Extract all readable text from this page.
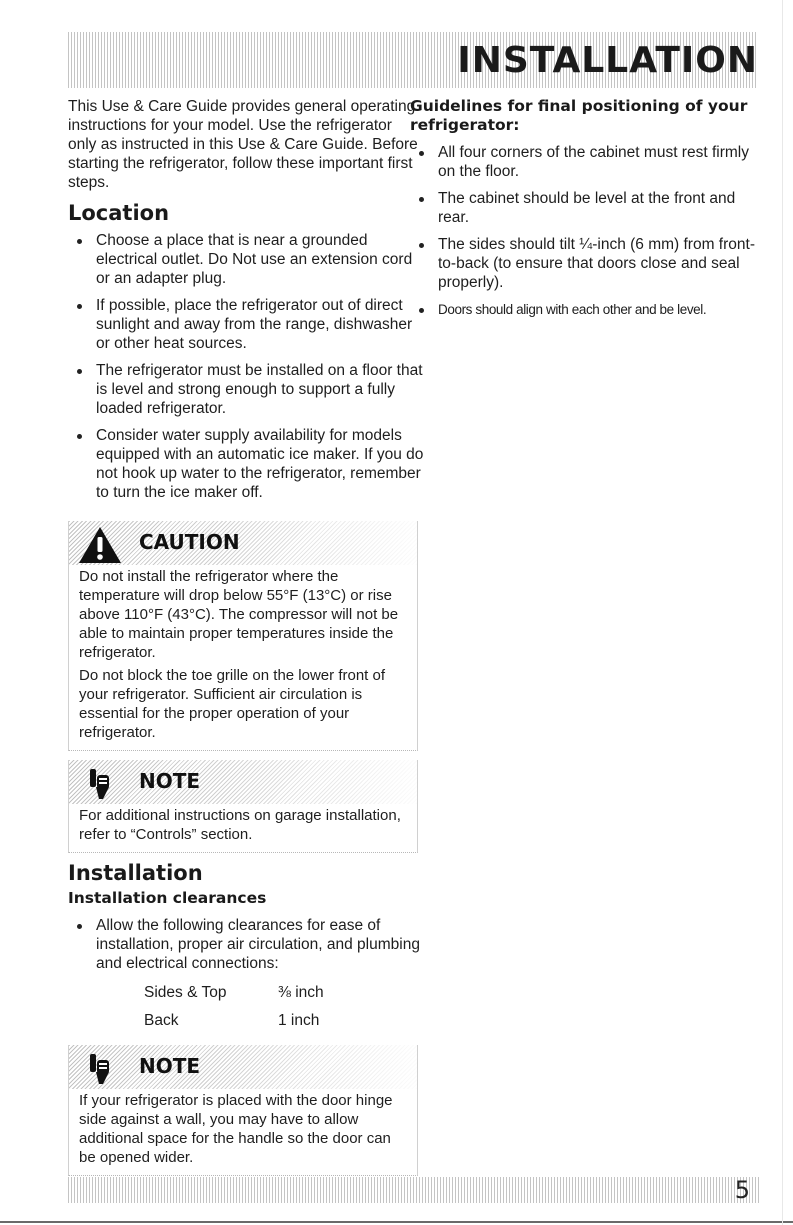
INSTALLATION

This Use & Care Guide provides general operating instructions for your model. Use the refrigerator only as instructed in this Use & Care Guide. Before starting the refrigerator, follow these important first steps.

Location
Choose a place that is near a grounded electrical outlet. Do Not use an extension cord or an adapter plug.
If possible, place the refrigerator out of direct sunlight and away from the range, dishwasher or other heat sources.
The refrigerator must be installed on a floor that is level and strong enough to support a fully loaded refrigerator.
Consider water supply availability for models equipped with an automatic ice maker. If you do not hook up water to the refrigerator, remember to turn the ice maker off.
CAUTION

Do not install the refrigerator where the temperature will drop below 55°F (13°C) or rise above 110°F (43°C). The compressor will not be able to maintain proper temperatures inside the refrigerator.

Do not block the toe grille on the lower front of your refrigerator. Sufficient air circulation is essential for the proper operation of your refrigerator.

NOTE

For additional instructions on garage installation, refer to “Controls” section.

Installation
Installation clearances
Allow the following clearances for ease of installation, proper air circulation, and plumbing and electrical connections:
Sides & Top	⅜ inch
Back	1 inch
NOTE

If your refrigerator is placed with the door hinge side against a wall, you may have to allow additional space for the handle so the door can be opened wider.

Guidelines for final positioning of your refrigerator:
All four corners of the cabinet must rest firmly on the floor.
The cabinet should be level at the front and rear.
The sides should tilt ¼-inch (6 mm) from front-to-back (to ensure that doors close and seal properly).
Doors should align with each other and be level.
5
